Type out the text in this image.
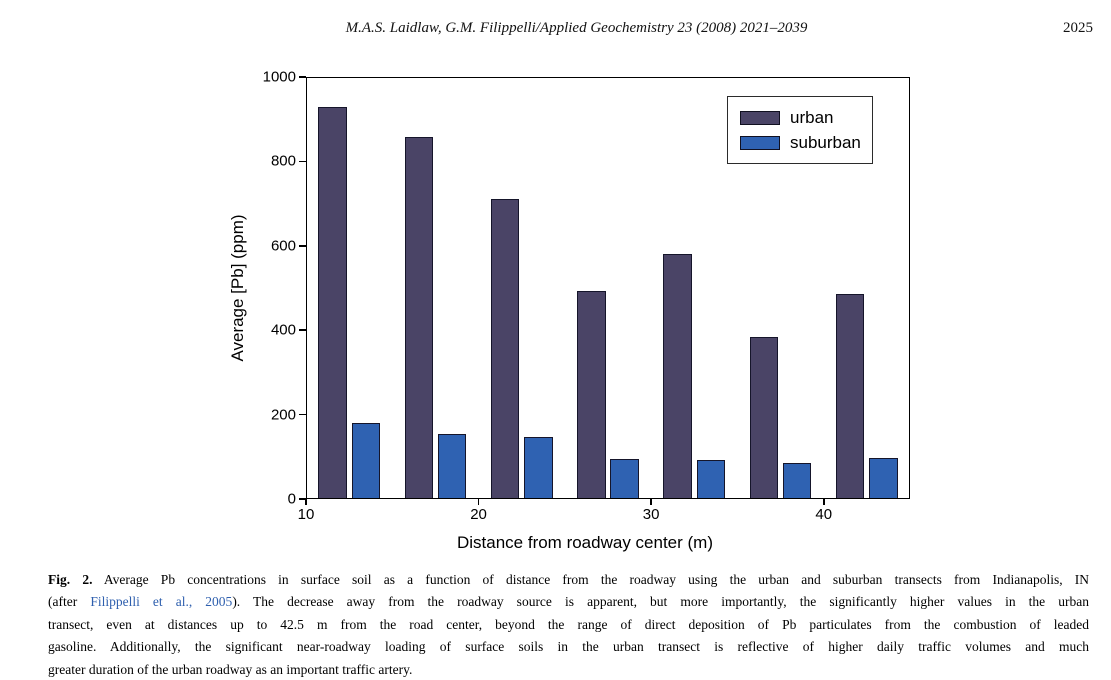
M.A.S. Laidlaw, G.M. Filippelli/Applied Geochemistry 23 (2008) 2021–2039	2025
urban
suburban
10	20	30	40
0
200
400
600
800
1000
Average [Pb] (ppm)
Distance from roadway center (m)
Fig. 2. Average Pb concentrations in surface soil as a function of distance from the roadway using the urban and suburban transects from Indianapolis, IN
(after Filippelli et al., 2005). The decrease away from the roadway source is apparent, but more importantly, the significantly higher values in the urban
transect, even at distances up to 42.5 m from the road center, beyond the range of direct deposition of Pb particulates from the combustion of leaded
gasoline. Additionally, the significant near-roadway loading of surface soils in the urban transect is reflective of higher daily traffic volumes and much
greater duration of the urban roadway as an important traffic artery.
